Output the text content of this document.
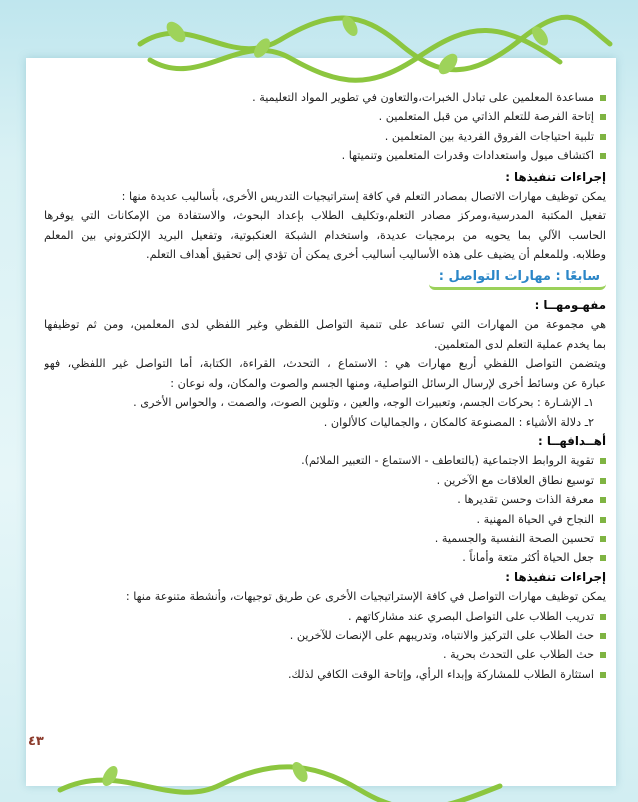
مساعدة المعلمين على تبادل الخبرات،والتعاون في تطوير المواد التعليمية .
إتاحة الفرصة للتعلم الذاتي من قبل المتعلمين .
تلبية احتياجات الفروق الفردية بين المتعلمين .
اكتشاف ميول واستعدادات وقدرات المتعلمين وتنميتها .
إجراءات تنفيذها :
يمكن توظيف مهارات الاتصال بمصادر التعلم في كافة إستراتيجيات التدريس الأخرى، بأساليب عديدة منها :
تفعيل المكتبة المدرسية،ومركز مصادر التعلم،وتكليف الطلاب بإعداد البحوث، والاستفادة من الإمكانات التي يوفرها
الحاسب الآلي بما يحويه من برمجيات عديدة، واستخدام الشبكة العنكبوتية، وتفعيل البريد الإلكتروني بين المعلم
وطلابه. وللمعلم أن يضيف على هذه الأساليب أساليب أخرى يمكن أن تؤدي إلى تحقيق أهداف التعلم.
سابعًا : مهارات التواصل :
مفهـومهــا :
هي مجموعة من المهارات التي تساعد على تنمية التواصل اللفظي وغير اللفظي لدى المعلمين، ومن ثم توظيفها
بما يخدم عملية التعلم لدى المتعلمين.
ويتضمن التواصل اللفظي أربع مهارات هي : الاستماع ، التحدث، القراءة، الكتابة، أما التواصل غير اللفظي، فهو
عبارة عن وسائط أخرى لإرسال الرسائل التواصلية، ومنها الجسم والصوت والمكان، وله نوعان :
١ـ الإشـارة : بحركات الجسم، وتعبيرات الوجه، والعين ، وتلوين الصوت، والصمت ، والحواس الأخرى .
٢ـ دلالة الأشياء : المصنوعة كالمكان ، والجماليات كالألوان .
أهــدافهــا :
تقوية الروابط الاجتماعية (بالتعاطف - الاستماع - التعبير الملائم).
توسيع نطاق العلاقات مع الآخرين .
معرفة الذات وحسن تقديرها .
النجاح في الحياة المهنية .
تحسين الصحة النفسية والجسمية .
جعل الحياة أكثر متعة وأماناً .
إجراءات تنفيذها :
يمكن توظيف مهارات التواصل في كافة الإستراتيجيات الأخرى عن طريق توجيهات، وأنشطة متنوعة منها :
تدريب الطلاب على التواصل البصري عند مشاركاتهم .
حث الطلاب على التركيز والانتباه، وتدريبهم على الإنصات للآخرين .
حث الطلاب على التحدث بحرية .
استثارة الطلاب للمشاركة وإبداء الرأي، وإتاحة الوقت الكافي لذلك.
٤٣
